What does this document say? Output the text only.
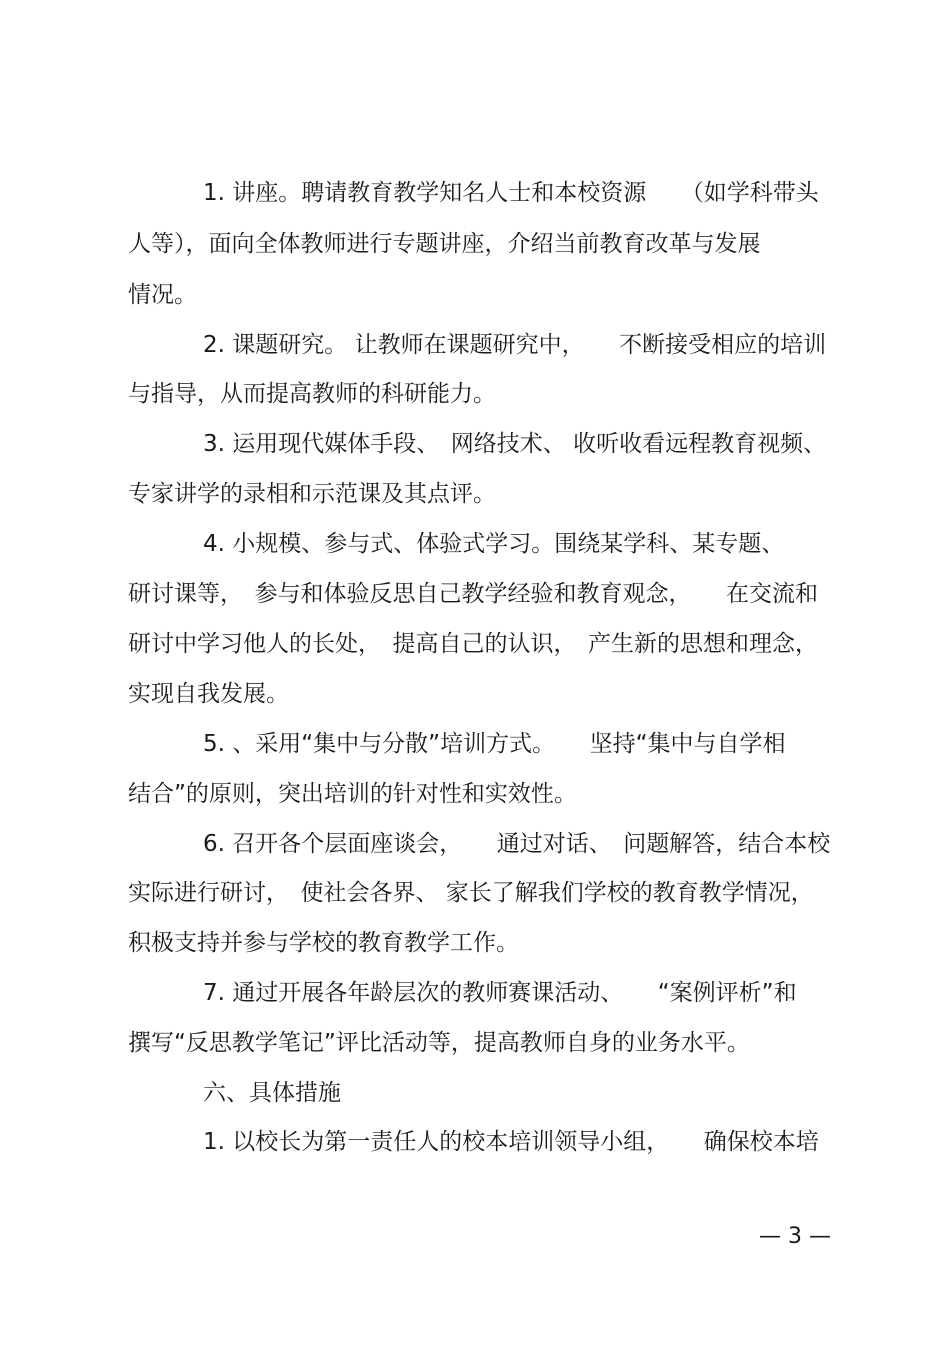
1. 讲座。聘请教育教学知名人士和本校资源　　（如学科带头
人等），面向全体教师进行专题讲座，介绍当前教育改革与发展
情况。
2. 课题研究。 让教师在课题研究中，　　不断接受相应的培训
与指导，从而提高教师的科研能力。
3. 运用现代媒体手段、　网络技术、 收听收看远程教育视频、
专家讲学的录相和示范课及其点评。
4. 小规模、参与式、体验式学习。围绕某学科、某专题、
研讨课等，　参与和体验反思自己教学经验和教育观念，　　在交流和
研讨中学习他人的长处，　提高自己的认识，　产生新的思想和理念，
实现自我发展。
5. 、采用“集中与分散”培训方式。　　坚持“集中与自学相
结合”的原则，突出培训的针对性和实效性。
6. 召开各个层面座谈会，　　通过对话、　问题解答，结合本校
实际进行研讨，　使社会各界、 家长了解我们学校的教育教学情况，
积极支持并参与学校的教育教学工作。
7. 通过开展各年龄层次的教师赛课活动、　　“案例评析”和
撰写“反思教学笔记”评比活动等，提高教师自身的业务水平。
六、具体措施
1. 以校长为第一责任人的校本培训领导小组，　　确保校本培
— 3 —
